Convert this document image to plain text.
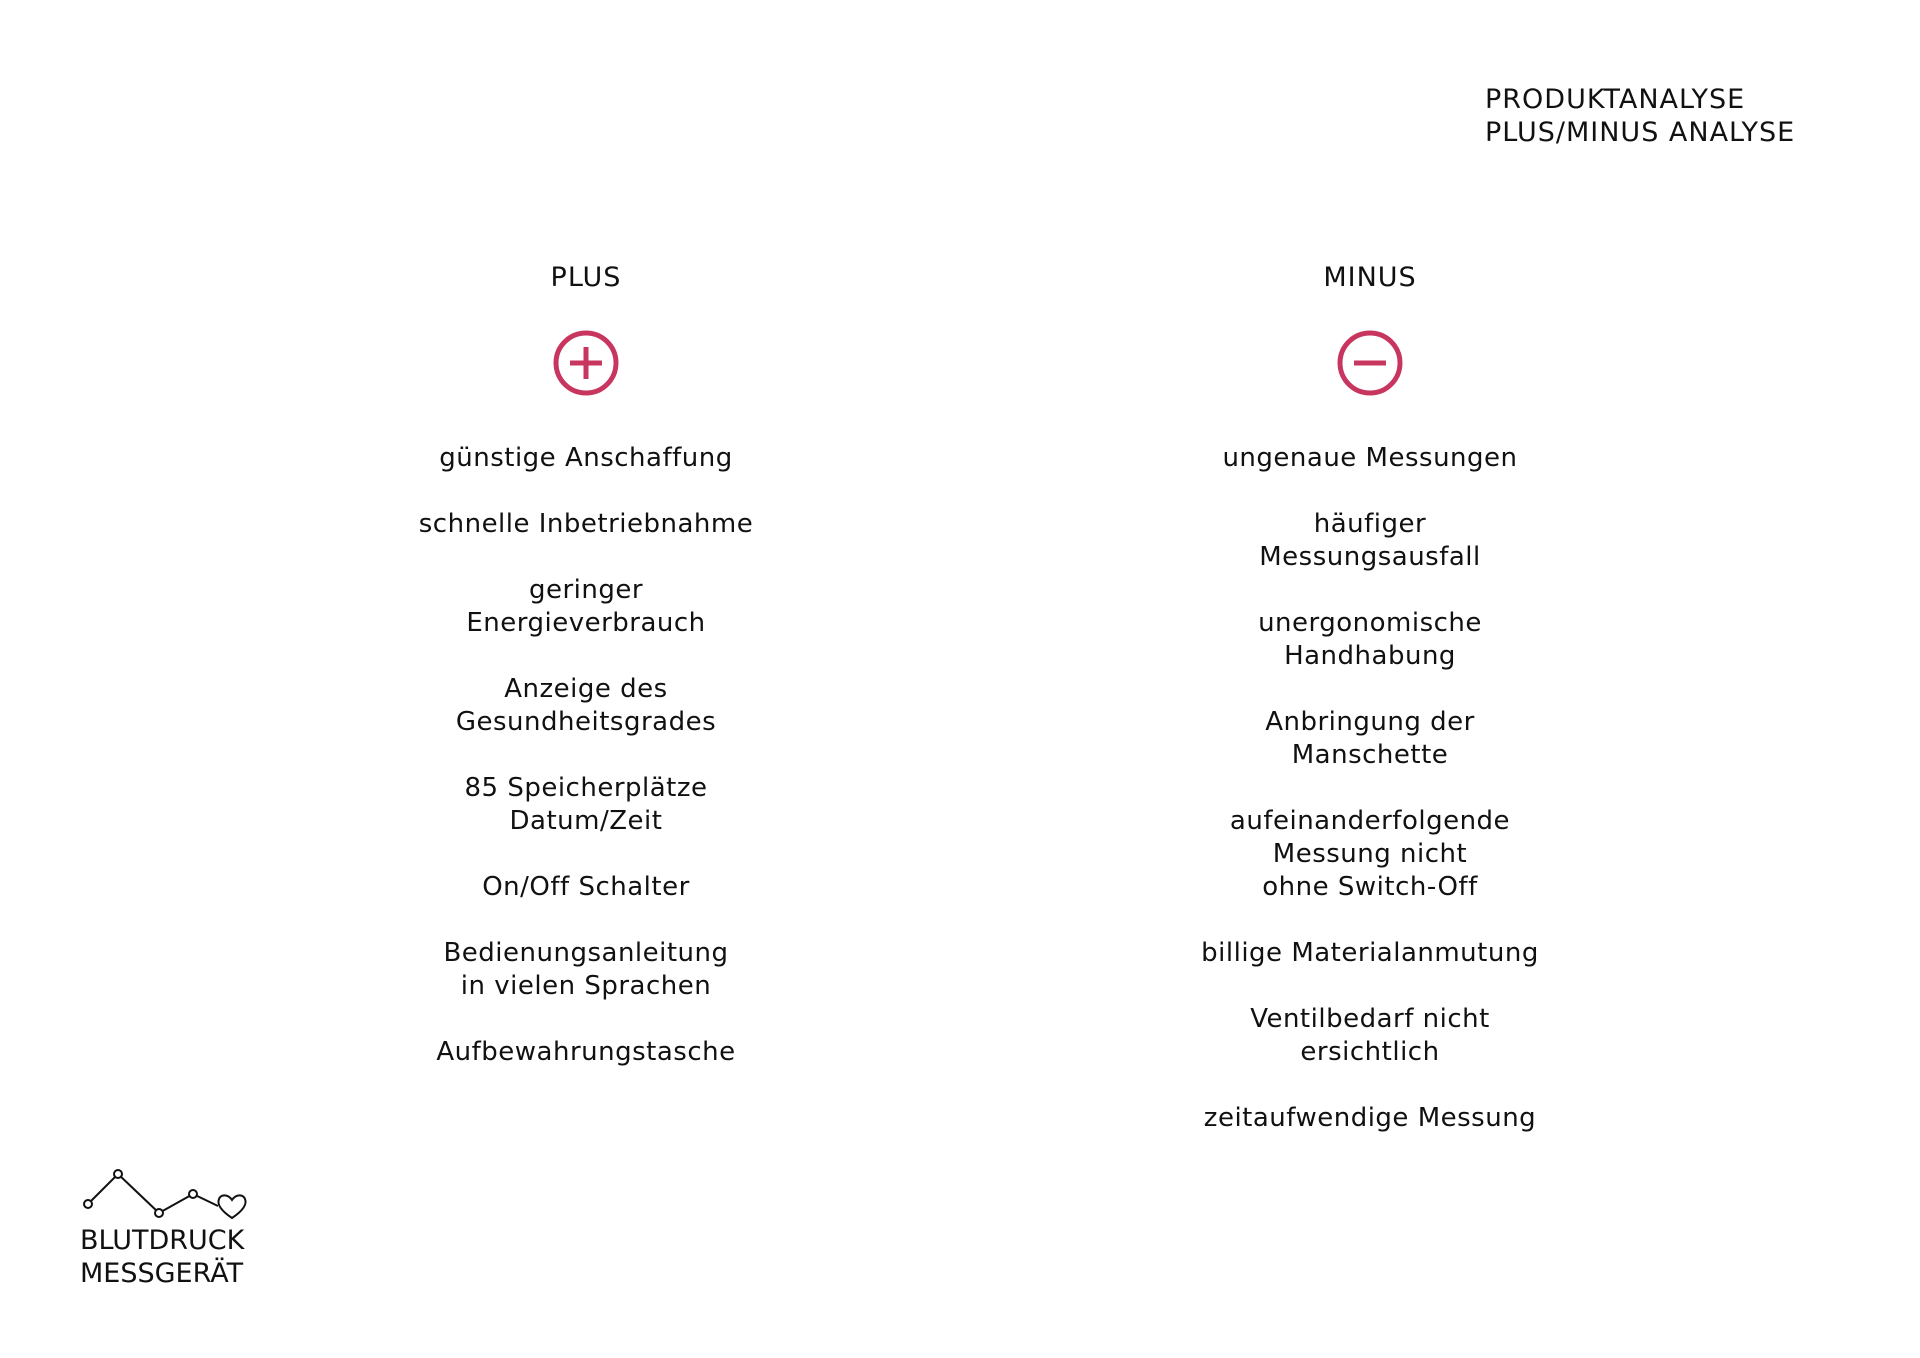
PRODUKTANALYSE
PLUS/MINUS ANALYSE
PLUS
günstige Anschaffung
schnelle Inbetriebnahme
geringer
Energieverbrauch
Anzeige des
Gesundheitsgrades
85 Speicherplätze
Datum/Zeit
On/Off Schalter
Bedienungsanleitung
in vielen Sprachen
Aufbewahrungstasche
MINUS
ungenaue Messungen
häufiger
Messungsausfall
unergonomische
Handhabung
Anbringung der
Manschette
aufeinanderfolgende
Messung nicht
ohne Switch-Off
billige Materialanmutung
Ventilbedarf nicht
ersichtlich
zeitaufwendige Messung
BLUTDRUCK
MESSGERÄT
